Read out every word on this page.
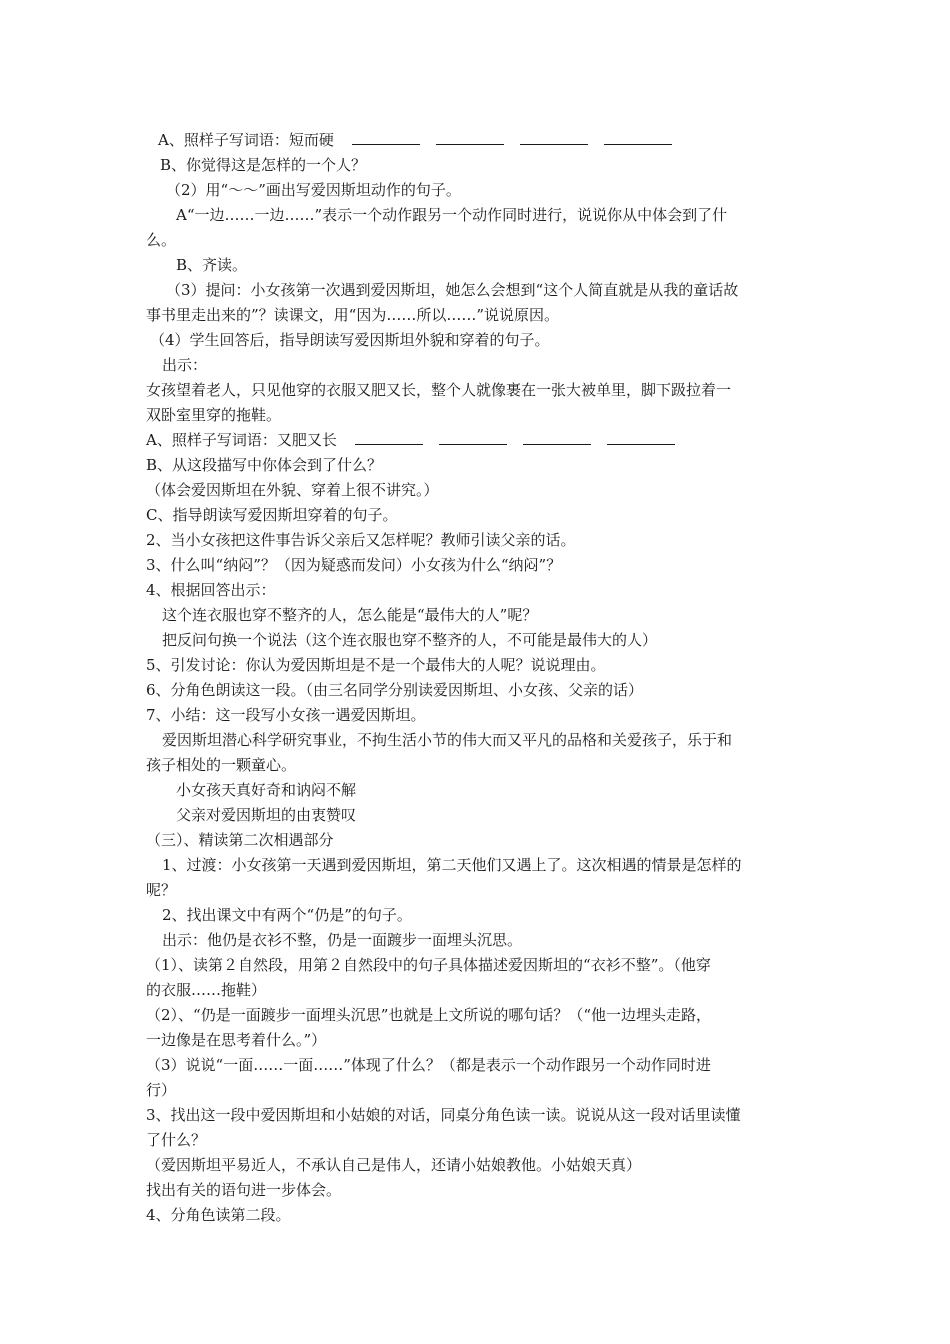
A、照样子写词语：短而硬
B、你觉得这是怎样的一个人？
（2）用“～～”画出写爱因斯坦动作的句子。
A“一边……一边……”表示一个动作跟另一个动作同时进行，说说你从中体会到了什
么。
B、齐读。
（3）提问：小女孩第一次遇到爱因斯坦，她怎么会想到“这个人简直就是从我的童话故
事书里走出来的”？读课文，用“因为……所以……”说说原因。
（4）学生回答后，指导朗读写爱因斯坦外貌和穿着的句子。
出示：
女孩望着老人，只见他穿的衣服又肥又长，整个人就像裹在一张大被单里，脚下趿拉着一
双卧室里穿的拖鞋。
A、照样子写词语：又肥又长
B、从这段描写中你体会到了什么？
（体会爱因斯坦在外貌、穿着上很不讲究。）
C、指导朗读写爱因斯坦穿着的句子。
2、当小女孩把这件事告诉父亲后又怎样呢？教师引读父亲的话。
3、什么叫“纳闷”？（因为疑惑而发问）小女孩为什么“纳闷”？
4、根据回答出示：
这个连衣服也穿不整齐的人，怎么能是“最伟大的人”呢？
把反问句换一个说法（这个连衣服也穿不整齐的人，不可能是最伟大的人）
5、引发讨论：你认为爱因斯坦是不是一个最伟大的人呢？说说理由。
6、分角色朗读这一段。（由三名同学分别读爱因斯坦、小女孩、父亲的话）
7、小结：这一段写小女孩一遇爱因斯坦。
爱因斯坦潜心科学研究事业，不拘生活小节的伟大而又平凡的品格和关爱孩子，乐于和
孩子相处的一颗童心。
小女孩天真好奇和讷闷不解
父亲对爱因斯坦的由衷赞叹
（三）、精读第二次相遇部分
1、过渡：小女孩第一天遇到爱因斯坦，第二天他们又遇上了。这次相遇的情景是怎样的
呢？
2、找出课文中有两个“仍是”的句子。
出示：他仍是衣衫不整，仍是一面踱步一面埋头沉思。
（1）、读第２自然段，用第２自然段中的句子具体描述爱因斯坦的“衣衫不整”。（他穿
的衣服……拖鞋）
（2）、“仍是一面踱步一面埋头沉思”也就是上文所说的哪句话？（“他一边埋头走路，
一边像是在思考着什么。”）
（3）说说“一面……一面……”体现了什么？（都是表示一个动作跟另一个动作同时进
行）
3、找出这一段中爱因斯坦和小姑娘的对话，同桌分角色读一读。说说从这一段对话里读懂
了什么？
（爱因斯坦平易近人，不承认自己是伟人，还请小姑娘教他。小姑娘天真）
找出有关的语句进一步体会。
4、分角色读第二段。
